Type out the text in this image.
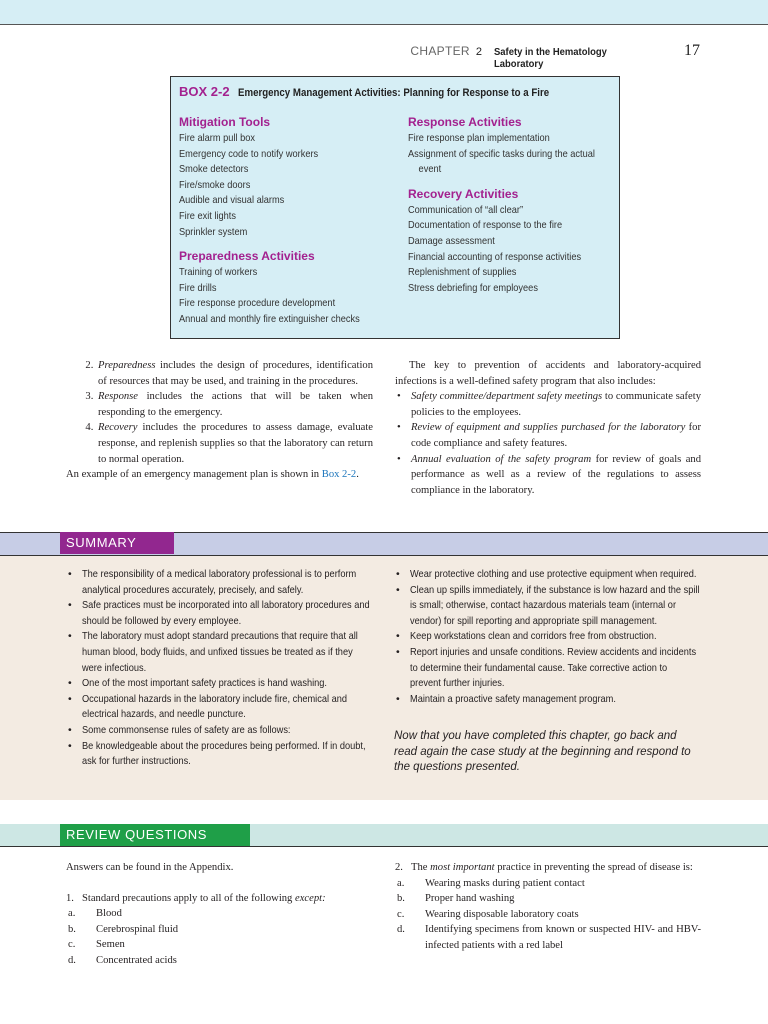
CHAPTER 2 Safety in the Hematology Laboratory
17
BOX 2-2 Emergency Management Activities: Planning for Response to a Fire
Mitigation Tools
Fire alarm pull box
Emergency code to notify workers
Smoke detectors
Fire/smoke doors
Audible and visual alarms
Fire exit lights
Sprinkler system
Preparedness Activities
Training of workers
Fire drills
Fire response procedure development
Annual and monthly fire extinguisher checks
Response Activities
Fire response plan implementation
Assignment of specific tasks during the actual
event
Recovery Activities
Communication of “all clear”
Documentation of response to the fire
Damage assessment
Financial accounting of response activities
Replenishment of supplies
Stress debriefing for employees
2. Preparedness includes the design of procedures, identification of resources that may be used, and training in the procedures.
3. Response includes the actions that will be taken when responding to the emergency.
4. Recovery includes the procedures to assess damage, evaluate response, and replenish supplies so that the laboratory can return to normal operation.

An example of an emergency management plan is shown in Box 2-2.

The key to prevention of accidents and laboratory-acquired infections is a well-defined safety program that also includes:

• Safety committee/department safety meetings to communicate safety policies to the employees.
• Review of equipment and supplies purchased for the laboratory for code compliance and safety features.
• Annual evaluation of the safety program for review of goals and performance as well as a review of the regulations to assess compliance in the laboratory.
SUMMARY
• The responsibility of a medical laboratory professional is to perform analytical procedures accurately, precisely, and safely.
• Safe practices must be incorporated into all laboratory procedures and should be followed by every employee.
• The laboratory must adopt standard precautions that require that all human blood, body fluids, and unfixed tissues be treated as if they were infectious.
• One of the most important safety practices is hand washing.
• Occupational hazards in the laboratory include fire, chemical and electrical hazards, and needle puncture.
• Some commonsense rules of safety are as follows:
• Be knowledgeable about the procedures being performed. If in doubt, ask for further instructions.
• Wear protective clothing and use protective equipment when required.
• Clean up spills immediately, if the substance is low hazard and the spill is small; otherwise, contact hazardous materials team (internal or vendor) for spill reporting and appropriate spill management.
• Keep workstations clean and corridors free from obstruction.
• Report injuries and unsafe conditions. Review accidents and incidents to determine their fundamental cause. Take corrective action to prevent further injuries.
• Maintain a proactive safety management program.
Now that you have completed this chapter, go back and read again the case study at the beginning and respond to the questions presented.
REVIEW QUESTIONS

Answers can be found in the Appendix.

1. Standard precautions apply to all of the following except:

a.	Blood
b.	Cerebrospinal fluid
c.	Semen
d.	Concentrated acids

2. The most important practice in preventing the spread of disease is:

a.	Wearing masks during patient contact
b.	Proper hand washing
c.	Wearing disposable laboratory coats
d.	Identifying specimens from known or suspected HIV- and HBV-infected patients with a red label
